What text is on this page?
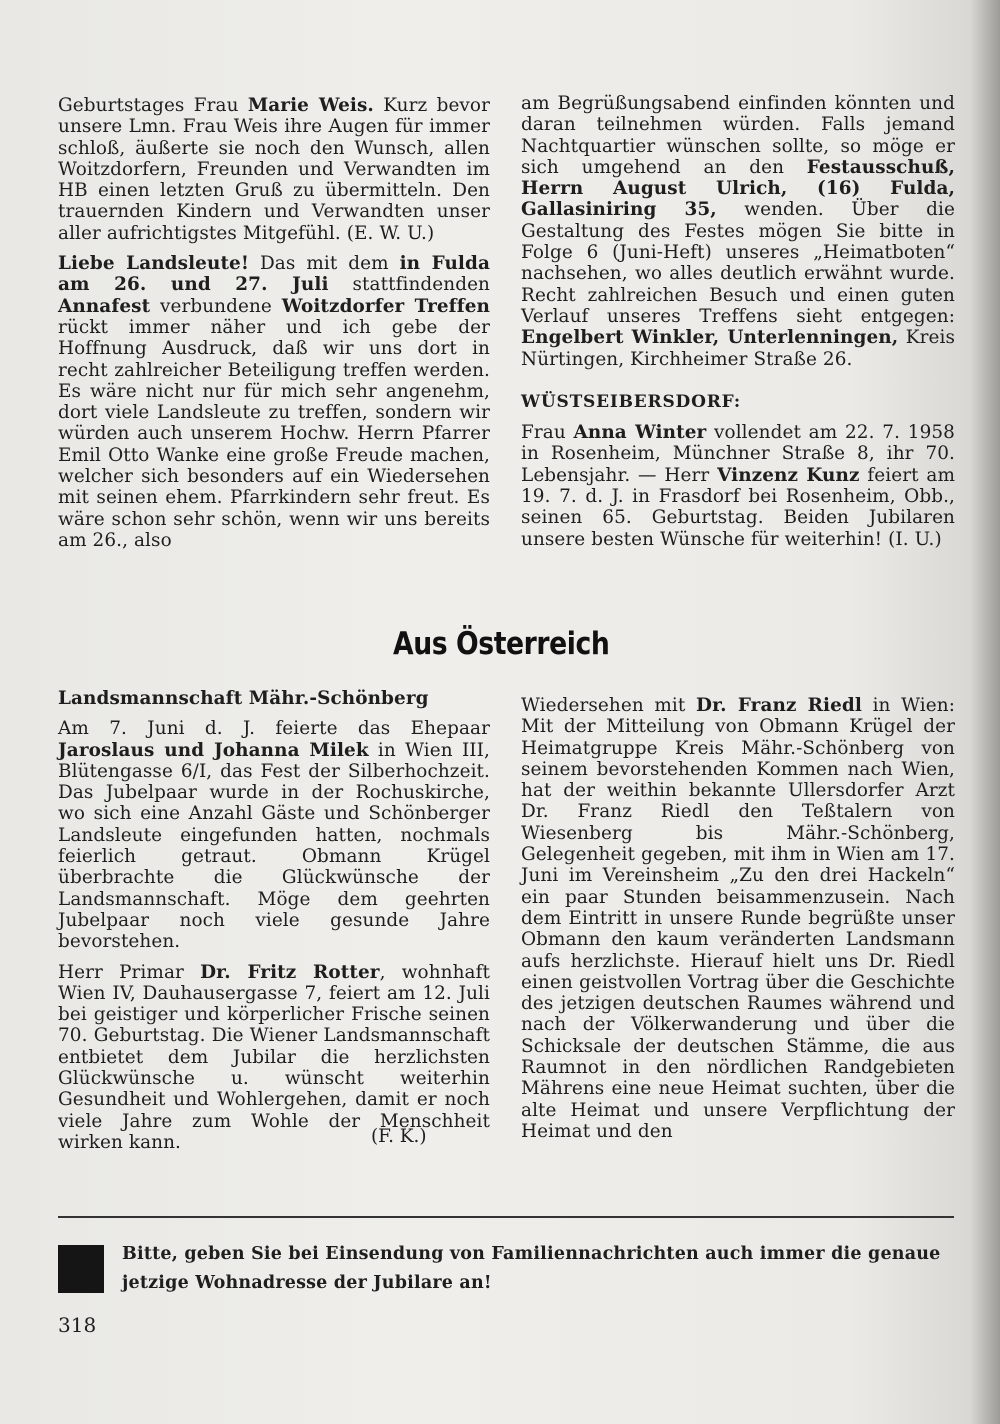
Geburtstages Frau Marie Weis. Kurz bevor unsere Lmn. Frau Weis ihre Augen für immer schloß, äußerte sie noch den Wunsch, allen Woitzdorfern, Freunden und Verwandten im HB einen letzten Gruß zu übermitteln. Den trauernden Kindern und Verwandten unser aller aufrichtigstes Mitgefühl. (E. W. U.)

Liebe Landsleute! Das mit dem in Fulda am 26. und 27. Juli stattfindenden Annafest verbundene Woitzdorfer Treffen rückt immer näher und ich gebe der Hoffnung Ausdruck, daß wir uns dort in recht zahlreicher Beteiligung treffen werden. Es wäre nicht nur für mich sehr angenehm, dort viele Landsleute zu treffen, sondern wir würden auch unserem Hochw. Herrn Pfarrer Emil Otto Wanke eine große Freude machen, welcher sich besonders auf ein Wiedersehen mit seinen ehem. Pfarrkindern sehr freut. Es wäre schon sehr schön, wenn wir uns bereits am 26., also

am Begrüßungsabend einfinden könnten und daran teilnehmen würden. Falls jemand Nachtquartier wünschen sollte, so möge er sich umgehend an den Festausschuß, Herrn August Ulrich, (16) Fulda, Gallasiniring 35, wenden. Über die Gestaltung des Festes mögen Sie bitte in Folge 6 (Juni-Heft) unseres „Heimatboten“ nachsehen, wo alles deutlich erwähnt wurde. Recht zahlreichen Besuch und einen guten Verlauf unseres Treffens sieht entgegen: Engelbert Winkler, Unterlenningen, Kreis Nürtingen, Kirchheimer Straße 26.

WÜSTSEIBERSDORF:

Frau Anna Winter vollendet am 22. 7. 1958 in Rosenheim, Münchner Straße 8, ihr 70. Lebensjahr. — Herr Vinzenz Kunz feiert am 19. 7. d. J. in Frasdorf bei Rosenheim, Obb., seinen 65. Geburtstag. Beiden Jubilaren unsere besten Wünsche für weiterhin! (I. U.)

Aus Österreich

Landsmannschaft Mähr.-Schönberg

Am 7. Juni d. J. feierte das Ehepaar Jaroslaus und Johanna Milek in Wien III, Blütengasse 6/I, das Fest der Silberhochzeit. Das Jubelpaar wurde in der Rochuskirche, wo sich eine Anzahl Gäste und Schönberger Landsleute eingefunden hatten, nochmals feierlich getraut. Obmann Krügel überbrachte die Glückwünsche der Landsmannschaft. Möge dem geehrten Jubelpaar noch viele gesunde Jahre bevorstehen.

Herr Primar Dr. Fritz Rotter, wohnhaft Wien IV, Dauhausergasse 7, feiert am 12. Juli bei geistiger und körperlicher Frische seinen 70. Geburtstag. Die Wiener Landsmannschaft entbietet dem Jubilar die herzlichsten Glückwünsche u. wünscht weiterhin Gesundheit und Wohlergehen, damit er noch viele Jahre zum Wohle der Menschheit wirken kann.	(F. K.)

Wiedersehen mit Dr. Franz Riedl in Wien: Mit der Mitteilung von Obmann Krügel der Heimatgruppe Kreis Mähr.-Schönberg von seinem bevorstehenden Kommen nach Wien, hat der weithin bekannte Ullersdorfer Arzt Dr. Franz Riedl den Teßtalern von Wiesenberg bis Mähr.-Schönberg, Gelegenheit gegeben, mit ihm in Wien am 17. Juni im Vereinsheim „Zu den drei Hackeln“ ein paar Stunden beisammenzusein. Nach dem Eintritt in unsere Runde begrüßte unser Obmann den kaum veränderten Landsmann aufs herzlichste. Hierauf hielt uns Dr. Riedl einen geistvollen Vortrag über die Geschichte des jetzigen deutschen Raumes während und nach der Völkerwanderung und über die Schicksale der deutschen Stämme, die aus Raumnot in den nördlichen Randgebieten Mährens eine neue Heimat suchten, über die alte Heimat und unsere Verpflichtung der Heimat und den

Bitte, geben Sie bei Einsendung von Familiennachrichten auch immer die genaue jetzige Wohnadresse der Jubilare an!
318
